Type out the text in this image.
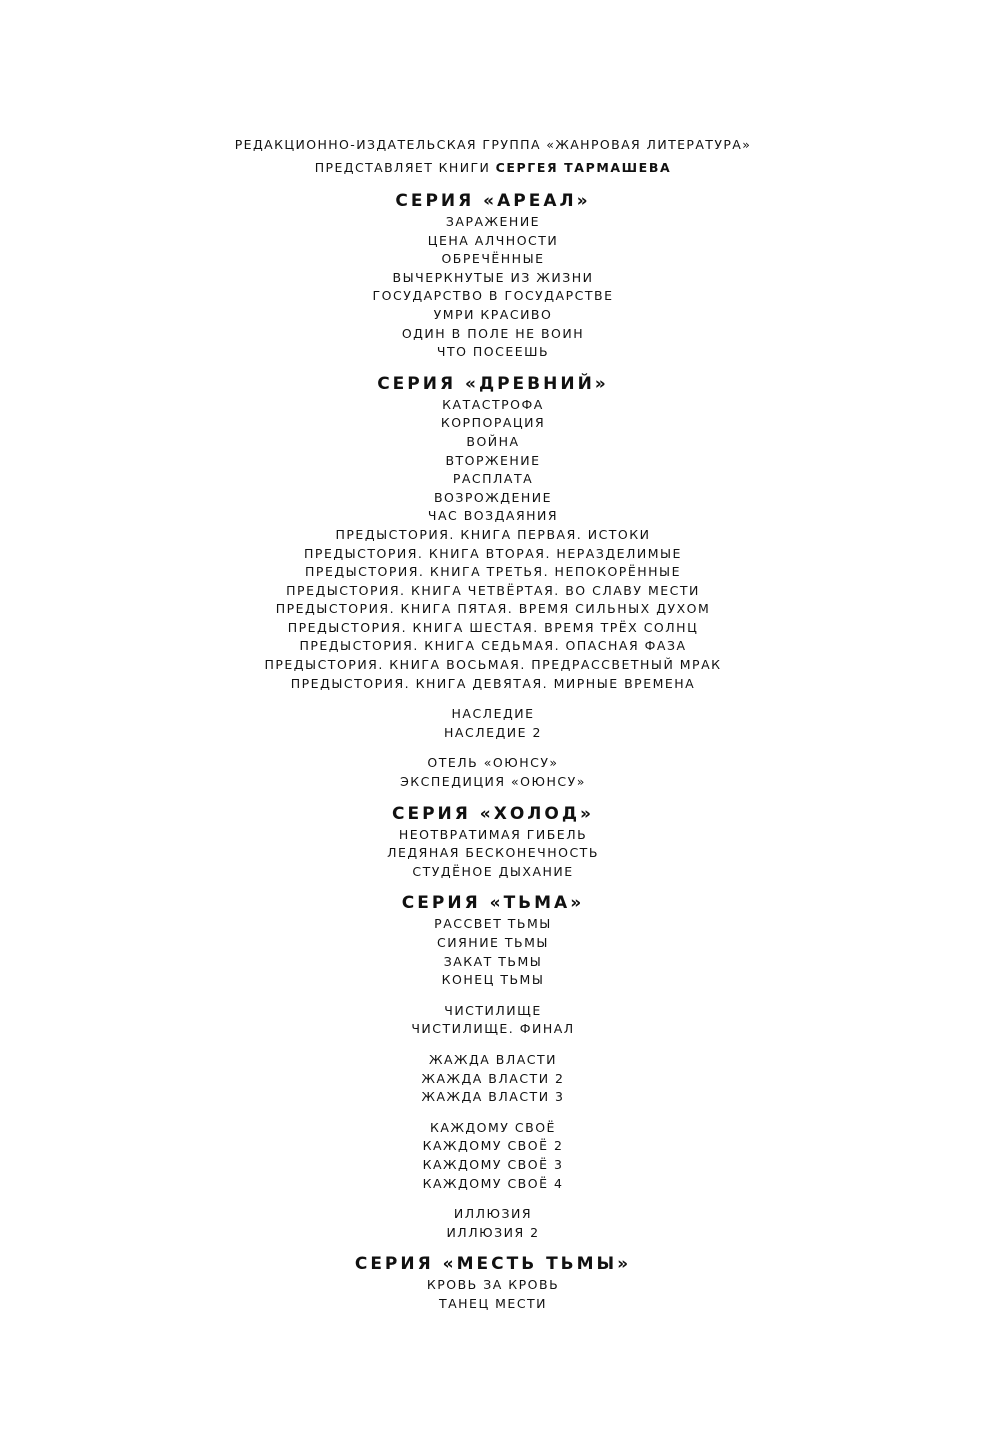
РЕДАКЦИОННО-ИЗДАТЕЛЬСКАЯ ГРУППА «ЖАНРОВАЯ ЛИТЕРАТУРА»
ПРЕДСТАВЛЯЕТ КНИГИ СЕРГЕЯ ТАРМАШЕВА
СЕРИЯ «АРЕАЛ»
ЗАРАЖЕНИЕ
ЦЕНА АЛЧНОСТИ
ОБРЕЧЁННЫЕ
ВЫЧЕРКНУТЫЕ ИЗ ЖИЗНИ
ГОСУДАРСТВО В ГОСУДАРСТВЕ
УМРИ КРАСИВО
ОДИН В ПОЛЕ НЕ ВОИН
ЧТО ПОСЕЕШЬ
СЕРИЯ «ДРЕВНИЙ»
КАТАСТРОФА
КОРПОРАЦИЯ
ВОЙНА
ВТОРЖЕНИЕ
РАСПЛАТА
ВОЗРОЖДЕНИЕ
ЧАС ВОЗДАЯНИЯ
ПРЕДЫСТОРИЯ. КНИГА ПЕРВАЯ. ИСТОКИ
ПРЕДЫСТОРИЯ. КНИГА ВТОРАЯ. НЕРАЗДЕЛИМЫЕ
ПРЕДЫСТОРИЯ. КНИГА ТРЕТЬЯ. НЕПОКОРЁННЫЕ
ПРЕДЫСТОРИЯ. КНИГА ЧЕТВЁРТАЯ. ВО СЛАВУ МЕСТИ
ПРЕДЫСТОРИЯ. КНИГА ПЯТАЯ. ВРЕМЯ СИЛЬНЫХ ДУХОМ
ПРЕДЫСТОРИЯ. КНИГА ШЕСТАЯ. ВРЕМЯ ТРЁХ СОЛНЦ
ПРЕДЫСТОРИЯ. КНИГА СЕДЬМАЯ. ОПАСНАЯ ФАЗА
ПРЕДЫСТОРИЯ. КНИГА ВОСЬМАЯ. ПРЕДРАССВЕТНЫЙ МРАК
ПРЕДЫСТОРИЯ. КНИГА ДЕВЯТАЯ. МИРНЫЕ ВРЕМЕНА
НАСЛЕДИЕ
НАСЛЕДИЕ 2
ОТЕЛЬ «ОЮНСУ»
ЭКСПЕДИЦИЯ «ОЮНСУ»
СЕРИЯ «ХОЛОД»
НЕОТВРАТИМАЯ ГИБЕЛЬ
ЛЕДЯНАЯ БЕСКОНЕЧНОСТЬ
СТУДЁНОЕ ДЫХАНИЕ
СЕРИЯ «ТЬМА»
РАССВЕТ ТЬМЫ
СИЯНИЕ ТЬМЫ
ЗАКАТ ТЬМЫ
КОНЕЦ ТЬМЫ
ЧИСТИЛИЩЕ
ЧИСТИЛИЩЕ. ФИНАЛ
ЖАЖДА ВЛАСТИ
ЖАЖДА ВЛАСТИ 2
ЖАЖДА ВЛАСТИ 3
КАЖДОМУ СВОЁ
КАЖДОМУ СВОЁ 2
КАЖДОМУ СВОЁ 3
КАЖДОМУ СВОЁ 4
ИЛЛЮЗИЯ
ИЛЛЮЗИЯ 2
СЕРИЯ «МЕСТЬ ТЬМЫ»
КРОВЬ ЗА КРОВЬ
ТАНЕЦ МЕСТИ
